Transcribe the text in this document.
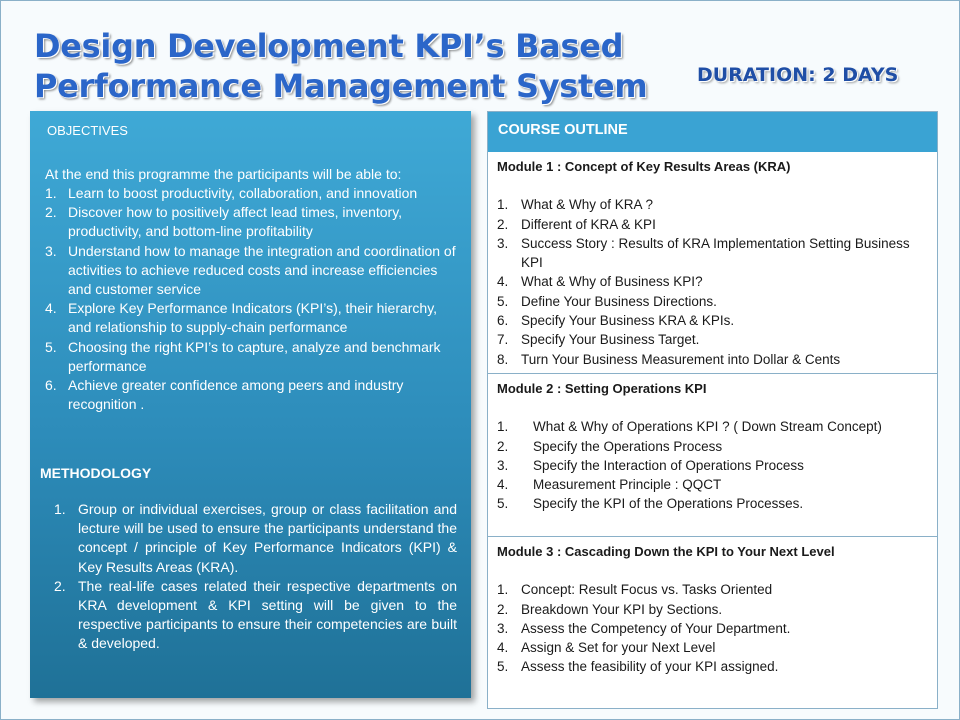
Design Development KPI’s Based
Performance Management System	DURATION: 2 DAYS
OBJECTIVES
At the end this programme the participants will be able to:
1. Learn to boost productivity, collaboration, and innovation
2. Discover how to positively affect lead times, inventory, productivity, and bottom-line profitability
3. Understand how to manage the integration and coordination of activities to achieve reduced costs and increase efficiencies and customer service
4. Explore Key Performance Indicators (KPI’s), their hierarchy, and relationship to supply-chain performance
5. Choosing the right KPI’s to capture, analyze and benchmark performance
6. Achieve greater confidence among peers and industry recognition .
METHODOLOGY
1. Group or individual exercises, group or class facilitation and lecture will be used to ensure the participants understand the concept / principle of Key Performance Indicators (KPI) & Key Results Areas (KRA).
2. The real-life cases related their respective departments on KRA development & KPI setting will be given to the respective participants to ensure their competencies are built & developed.
COURSE OUTLINE
Module 1 : Concept of Key Results Areas (KRA)
1. What & Why of KRA ?
2. Different of KRA & KPI
3. Success Story : Results of KRA Implementation Setting Business KPI
4. What & Why of Business KPI?
5. Define Your Business Directions.
6. Specify Your Business KRA & KPIs.
7. Specify Your Business Target.
8. Turn Your Business Measurement into Dollar & Cents
Module 2 : Setting Operations KPI
1. What & Why of Operations KPI ? ( Down Stream Concept)
2. Specify the Operations Process
3. Specify the Interaction of Operations Process
4. Measurement Principle : QQCT
5. Specify the KPI of the Operations Processes.
Module 3 : Cascading Down the KPI to Your Next Level
1. Concept: Result Focus vs. Tasks Oriented
2. Breakdown Your KPI by Sections.
3. Assess the Competency of Your Department.
4. Assign & Set for your Next Level
5. Assess the feasibility of your KPI assigned.
